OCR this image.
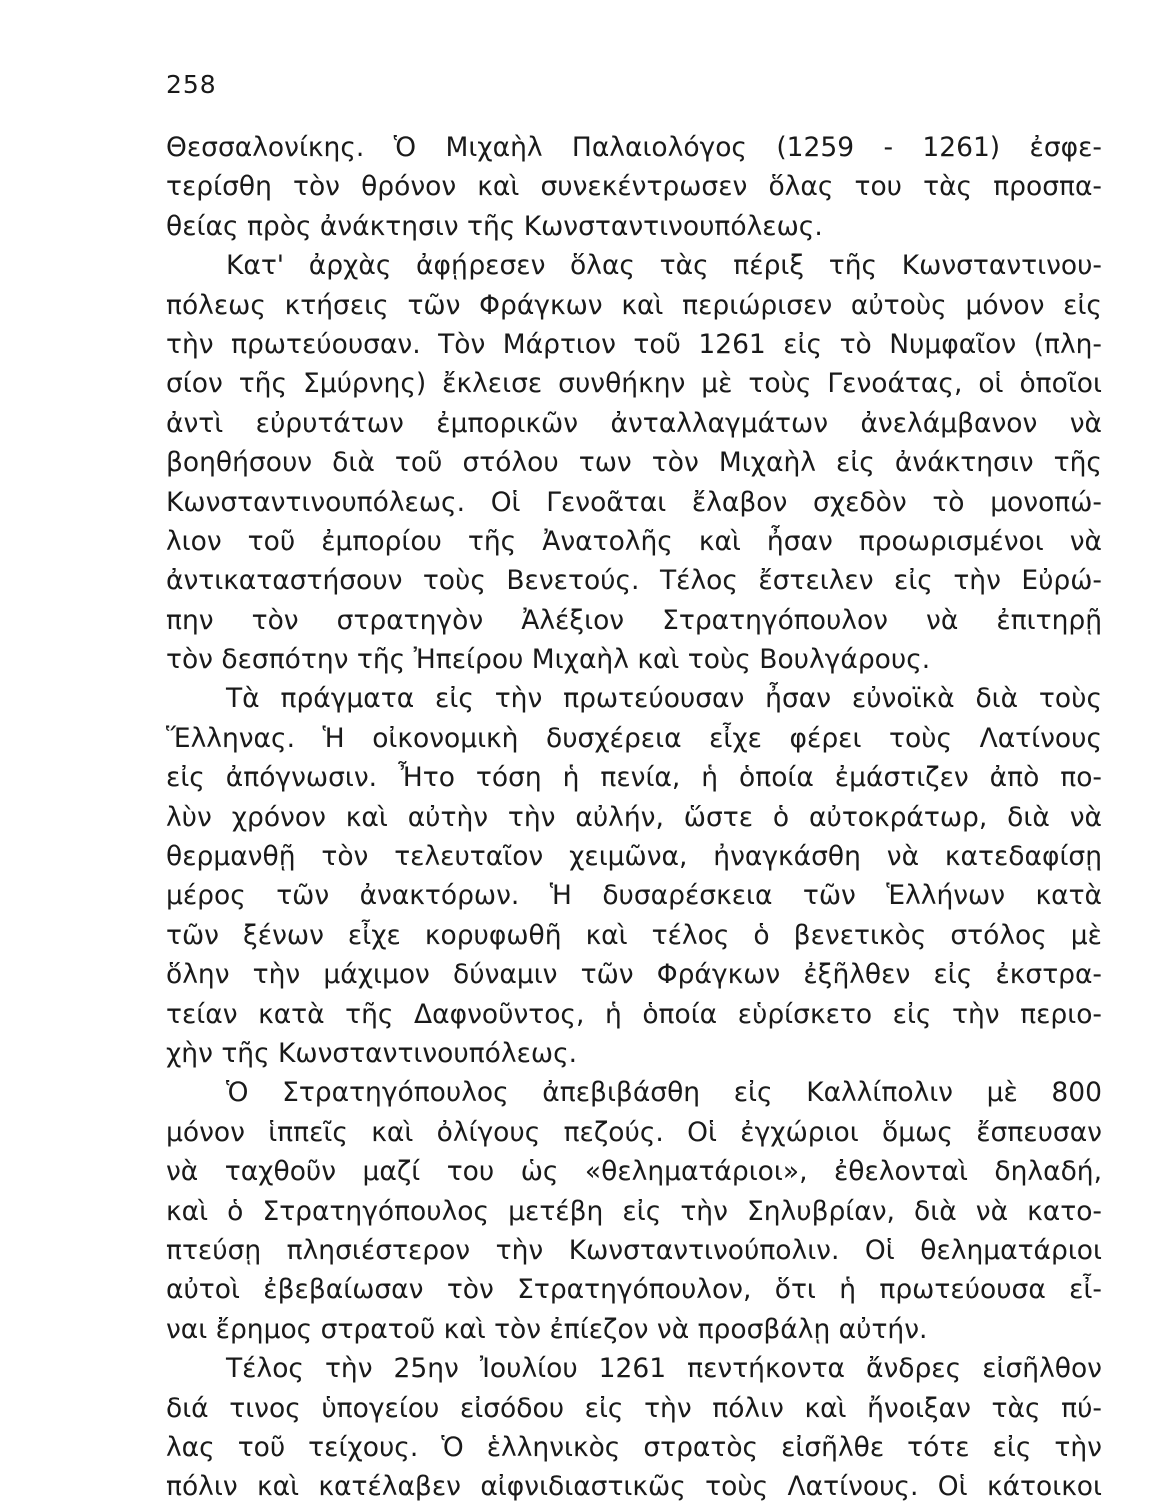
258
Θεσσαλονίκης. Ὁ Μιχαὴλ Παλαιολόγος (1259 - 1261) ἐσφε-
τερίσθη τὸν θρόνον καὶ συνεκέντρωσεν ὅλας του τὰς προσπα-
θείας πρὸς ἀνάκτησιν τῆς Κωνσταντινουπόλεως.
Κατ' ἀρχὰς ἀφῄρεσεν ὅλας τὰς πέριξ τῆς Κωνσταντινου-
πόλεως κτήσεις τῶν Φράγκων καὶ περιώρισεν αὐτοὺς μόνον εἰς
τὴν πρωτεύουσαν. Τὸν Μάρτιον τοῦ 1261 εἰς τὸ Νυμφαῖον (πλη-
σίον τῆς Σμύρνης) ἔκλεισε συνθήκην μὲ τοὺς Γενοάτας, οἱ ὁποῖοι
ἀντὶ εὐρυτάτων ἐμπορικῶν ἀνταλλαγμάτων ἀνελάμβανον νὰ
βοηθήσουν διὰ τοῦ στόλου των τὸν Μιχαὴλ εἰς ἀνάκτησιν τῆς
Κωνσταντινουπόλεως. Οἱ Γενοᾶται ἔλαβον σχεδὸν τὸ μονοπώ-
λιον τοῦ ἐμπορίου τῆς Ἀνατολῆς καὶ ἦσαν προωρισμένοι νὰ
ἀντικαταστήσουν τοὺς Βενετούς. Τέλος ἔστειλεν εἰς τὴν Εὐρώ-
πην τὸν στρατηγὸν Ἀλέξιον Στρατηγόπουλον νὰ ἐπιτηρῇ
τὸν δεσπότην τῆς Ἠπείρου Μιχαὴλ καὶ τοὺς Βουλγάρους.
Τὰ πράγματα εἰς τὴν πρωτεύουσαν ἦσαν εὐνοϊκὰ διὰ τοὺς
Ἕλληνας. Ἡ οἰκονομικὴ δυσχέρεια εἶχε φέρει τοὺς Λατίνους
εἰς ἀπόγνωσιν. Ἦτο τόση ἡ πενία, ἡ ὁποία ἐμάστιζεν ἀπὸ πο-
λὺν χρόνον καὶ αὐτὴν τὴν αὐλήν, ὥστε ὁ αὐτοκράτωρ, διὰ νὰ
θερμανθῇ τὸν τελευταῖον χειμῶνα, ἠναγκάσθη νὰ κατεδαφίσῃ
μέρος τῶν ἀνακτόρων. Ἡ δυσαρέσκεια τῶν Ἑλλήνων κατὰ
τῶν ξένων εἶχε κορυφωθῆ καὶ τέλος ὁ βενετικὸς στόλος μὲ
ὅλην τὴν μάχιμον δύναμιν τῶν Φράγκων ἐξῆλθεν εἰς ἐκστρα-
τείαν κατὰ τῆς Δαφνοῦντος, ἡ ὁποία εὑρίσκετο εἰς τὴν περιο-
χὴν τῆς Κωνσταντινουπόλεως.
Ὁ Στρατηγόπουλος ἀπεβιβάσθη εἰς Καλλίπολιν μὲ 800
μόνον ἱππεῖς καὶ ὀλίγους πεζούς. Οἱ ἐγχώριοι ὅμως ἔσπευσαν
νὰ ταχθοῦν μαζί του ὡς «θεληματάριοι», ἐθελονταὶ δηλαδή,
καὶ ὁ Στρατηγόπουλος μετέβη εἰς τὴν Σηλυβρίαν, διὰ νὰ κατο-
πτεύσῃ πλησιέστερον τὴν Κωνσταντινούπολιν. Οἱ θεληματάριοι
αὐτοὶ ἐβεβαίωσαν τὸν Στρατηγόπουλον, ὅτι ἡ πρωτεύουσα εἶ-
ναι ἔρημος στρατοῦ καὶ τὸν ἐπίεζον νὰ προσβάλῃ αὐτήν.
Τέλος τὴν 25ην Ἰουλίου 1261 πεντήκοντα ἄνδρες εἰσῆλθον
διά τινος ὑπογείου εἰσόδου εἰς τὴν πόλιν καὶ ἤνοιξαν τὰς πύ-
λας τοῦ τείχους. Ὁ ἑλληνικὸς στρατὸς εἰσῆλθε τότε εἰς τὴν
πόλιν καὶ κατέλαβεν αἰφνιδιαστικῶς τοὺς Λατίνους. Οἱ κάτοικοι
